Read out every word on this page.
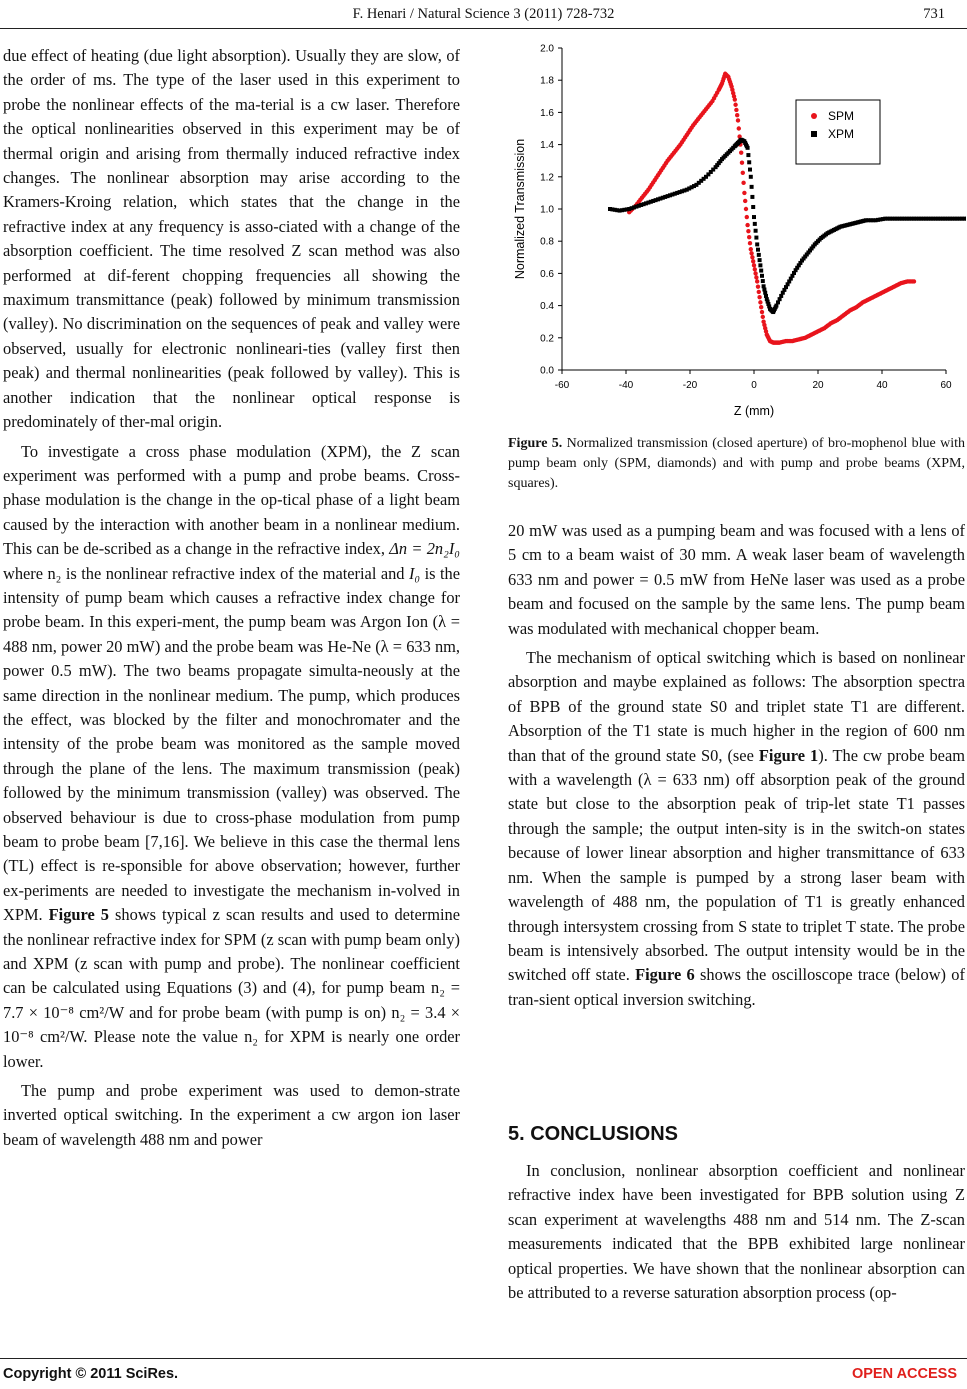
F. Henari / Natural Science 3 (2011) 728-732	731

due effect of heating (due light absorption). Usually they are slow, of the order of ms. The type of the laser used in this experiment to probe the nonlinear effects of the ma-terial is a cw laser. Therefore the optical nonlinearities observed in this experiment may be of thermal origin and arising from thermally induced refractive index changes. The nonlinear absorption may arise according to the Kramers-Kroing relation, which states that the change in the refractive index at any frequency is asso-ciated with a change of the absorption coefficient. The time resolved Z scan method was also performed at dif-ferent chopping frequencies all showing the maximum transmittance (peak) followed by minimum transmission (valley). No discrimination on the sequences of peak and valley were observed, usually for electronic nonlineari-ties (valley first then peak) and thermal nonlinearities (peak followed by valley). This is another indication that the nonlinear optical response is predominately of ther-mal origin.

To investigate a cross phase modulation (XPM), the Z scan experiment was performed with a pump and probe beams. Cross-phase modulation is the change in the op-tical phase of a light beam caused by the interaction with another beam in a nonlinear medium. This can be de-scribed as a change in the refractive index, Δn = 2n₂I₀ where n₂ is the nonlinear refractive index of the material and I₀ is the intensity of pump beam which causes a refractive index change for probe beam. In this experi-ment, the pump beam was Argon Ion (λ = 488 nm, power 20 mW) and the probe beam was He-Ne (λ = 633 nm, power 0.5 mW). The two beams propagate simulta-neously at the same direction in the nonlinear medium. The pump, which produces the effect, was blocked by the filter and monochromater and the intensity of the probe beam was monitored as the sample moved through the plane of the lens. The maximum transmission (peak) followed by the minimum transmission (valley) was observed. The observed behaviour is due to cross-phase modulation from pump beam to probe beam [7,16]. We believe in this case the thermal lens (TL) effect is re-sponsible for above observation; however, further ex-periments are needed to investigate the mechanism in-volved in XPM. Figure 5 shows typical z scan results and used to determine the nonlinear refractive index for SPM (z scan with pump beam only) and XPM (z scan with pump and probe). The nonlinear coefficient can be calculated using Equations (3) and (4), for pump beam n₂ = 7.7 × 10⁻⁸ cm²/W and for probe beam (with pump is on) n₂ = 3.4 × 10⁻⁸ cm²/W. Please note the value n₂ for XPM is nearly one order lower.

The pump and probe experiment was used to demon-strate inverted optical switching. In the experiment a cw argon ion laser beam of wavelength 488 nm and power

-60	-40	-20	0	20	40	60
0.0
0.2
0.4
0.6
0.8
1.0
1.2
1.4
1.6
1.8
2.0
Z (mm)
Normalized Transmission
SPM
XPM
Figure 5. Normalized transmission (closed aperture) of bro-mophenol blue with pump beam only (SPM, diamonds) and with pump and probe beams (XPM, squares).

20 mW was used as a pumping beam and was focused with a lens of 5 cm to a beam waist of 30 mm. A weak laser beam of wavelength 633 nm and power = 0.5 mW from HeNe laser was used as a probe beam and focused on the sample by the same lens. The pump beam was modulated with mechanical chopper beam.

The mechanism of optical switching which is based on nonlinear absorption and maybe explained as follows: The absorption spectra of BPB of the ground state S0 and triplet state T1 are different. Absorption of the T1 state is much higher in the region of 600 nm than that of the ground state S0, (see Figure 1). The cw probe beam with a wavelength (λ = 633 nm) off absorption peak of the ground state but close to the absorption peak of trip-let state T1 passes through the sample; the output inten-sity is in the switch-on states because of lower linear absorption and higher transmittance of 633 nm. When the sample is pumped by a strong laser beam with wavelength of 488 nm, the population of T1 is greatly enhanced through intersystem crossing from S state to triplet T state. The probe beam is intensively absorbed. The output intensity would be in the switched off state. Figure 6 shows the oscilloscope trace (below) of tran-sient optical inversion switching.

5. CONCLUSIONS

In conclusion, nonlinear absorption coefficient and nonlinear refractive index have been investigated for BPB solution using Z scan experiment at wavelengths 488 nm and 514 nm. The Z-scan measurements indicated that the BPB exhibited large nonlinear optical properties. We have shown that the nonlinear absorption can be attributed to a reverse saturation absorption process (op-

Copyright © 2011 SciRes.	OPEN ACCESS
